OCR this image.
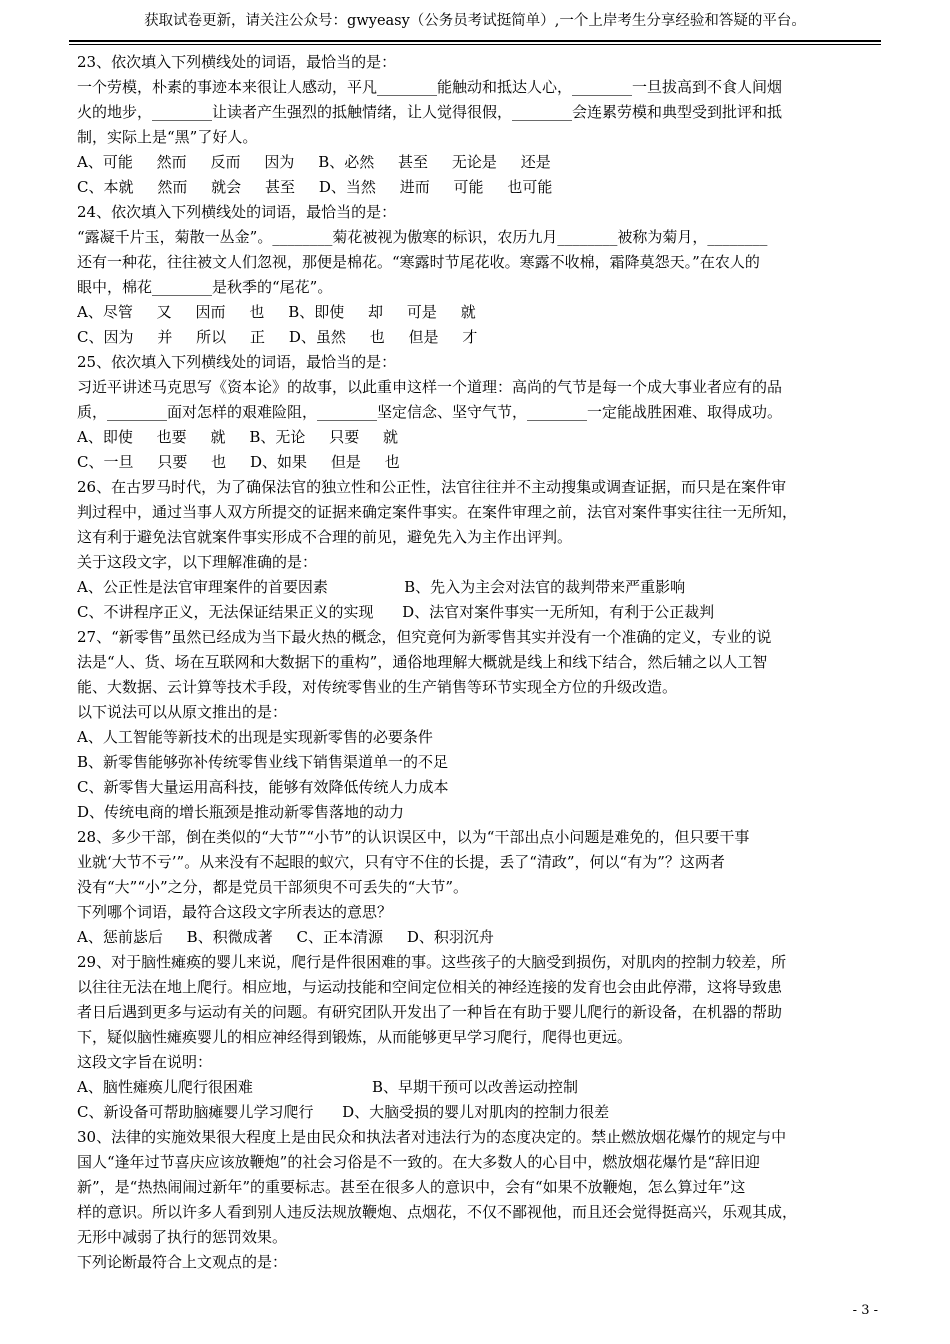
获取试卷更新，请关注公众号：gwyeasy（公务员考试挺简单）,一个上岸考生分享经验和答疑的平台。
23、依次填入下列横线处的词语，最恰当的是：
一个劳模，朴素的事迹本来很让人感动，平凡________能触动和抵达人心，________一旦拔高到不食人间烟
火的地步，________让读者产生强烈的抵触情绪，让人觉得很假，________会连累劳模和典型受到批评和抵
制，实际上是“黑”了好人。
A、可能     然而     反而     因为     B、必然     甚至     无论是     还是
C、本就     然而     就会     甚至     D、当然     进而     可能     也可能
24、依次填入下列横线处的词语，最恰当的是：
“露凝千片玉，菊散一丛金”。________菊花被视为傲寒的标识，农历九月________被称为菊月，________
还有一种花，往往被文人们忽视，那便是棉花。“寒露时节尾花收。寒露不收棉，霜降莫怨天。”在农人的
眼中，棉花________是秋季的“尾花”。
A、尽管     又     因而     也     B、即使     却     可是     就
C、因为     并     所以     正     D、虽然     也     但是     才
25、依次填入下列横线处的词语，最恰当的是：
习近平讲述马克思写《资本论》的故事，以此重申这样一个道理：高尚的气节是每一个成大事业者应有的品
质，________面对怎样的艰难险阻，________坚定信念、坚守气节，________一定能战胜困难、取得成功。
A、即使     也要     就     B、无论     只要     就
C、一旦     只要     也     D、如果     但是     也
26、在古罗马时代，为了确保法官的独立性和公正性，法官往往并不主动搜集或调查证据，而只是在案件审
判过程中，通过当事人双方所提交的证据来确定案件事实。在案件审理之前，法官对案件事实往往一无所知，
这有利于避免法官就案件事实形成不合理的前见，避免先入为主作出评判。
关于这段文字，以下理解准确的是：
A、公正性是法官审理案件的首要因素                B、先入为主会对法官的裁判带来严重影响
C、不讲程序正义，无法保证结果正义的实现      D、法官对案件事实一无所知，有利于公正裁判
27、“新零售”虽然已经成为当下最火热的概念，但究竟何为新零售其实并没有一个准确的定义，专业的说
法是“人、货、场在互联网和大数据下的重构”，通俗地理解大概就是线上和线下结合，然后辅之以人工智
能、大数据、云计算等技术手段，对传统零售业的生产销售等环节实现全方位的升级改造。
以下说法可以从原文推出的是：
A、人工智能等新技术的出现是实现新零售的必要条件
B、新零售能够弥补传统零售业线下销售渠道单一的不足
C、新零售大量运用高科技，能够有效降低传统人力成本
D、传统电商的增长瓶颈是推动新零售落地的动力
28、多少干部，倒在类似的“大节”“小节”的认识误区中，以为“干部出点小问题是难免的，但只要干事
业就‘大节不亏’”。从来没有不起眼的蚁穴，只有守不住的长提，丢了“清政”，何以“有为”？这两者
没有“大”“小”之分，都是党员干部须臾不可丢失的“大节”。
下列哪个词语，最符合这段文字所表达的意思？
A、惩前毖后     B、积微成著     C、正本清源     D、积羽沉舟
29、对于脑性瘫痪的婴儿来说，爬行是件很困难的事。这些孩子的大脑受到损伤，对肌肉的控制力较差，所
以往往无法在地上爬行。相应地，与运动技能和空间定位相关的神经连接的发育也会由此停滞，这将导致患
者日后遇到更多与运动有关的问题。有研究团队开发出了一种旨在有助于婴儿爬行的新设备，在机器的帮助
下，疑似脑性瘫痪婴儿的相应神经得到锻炼，从而能够更早学习爬行，爬得也更远。
这段文字旨在说明：
A、脑性瘫痪儿爬行很困难                         B、早期干预可以改善运动控制
C、新设备可帮助脑瘫婴儿学习爬行      D、大脑受损的婴儿对肌肉的控制力很差
30、法律的实施效果很大程度上是由民众和执法者对违法行为的态度决定的。禁止燃放烟花爆竹的规定与中
国人“逢年过节喜庆应该放鞭炮”的社会习俗是不一致的。在大多数人的心目中，燃放烟花爆竹是“辞旧迎
新”，是“热热闹闹过新年”的重要标志。甚至在很多人的意识中，会有“如果不放鞭炮，怎么算过年”这
样的意识。所以许多人看到别人违反法规放鞭炮、点烟花，不仅不鄙视他，而且还会觉得挺高兴，乐观其成，
无形中减弱了执行的惩罚效果。
下列论断最符合上文观点的是：
- 3 -
